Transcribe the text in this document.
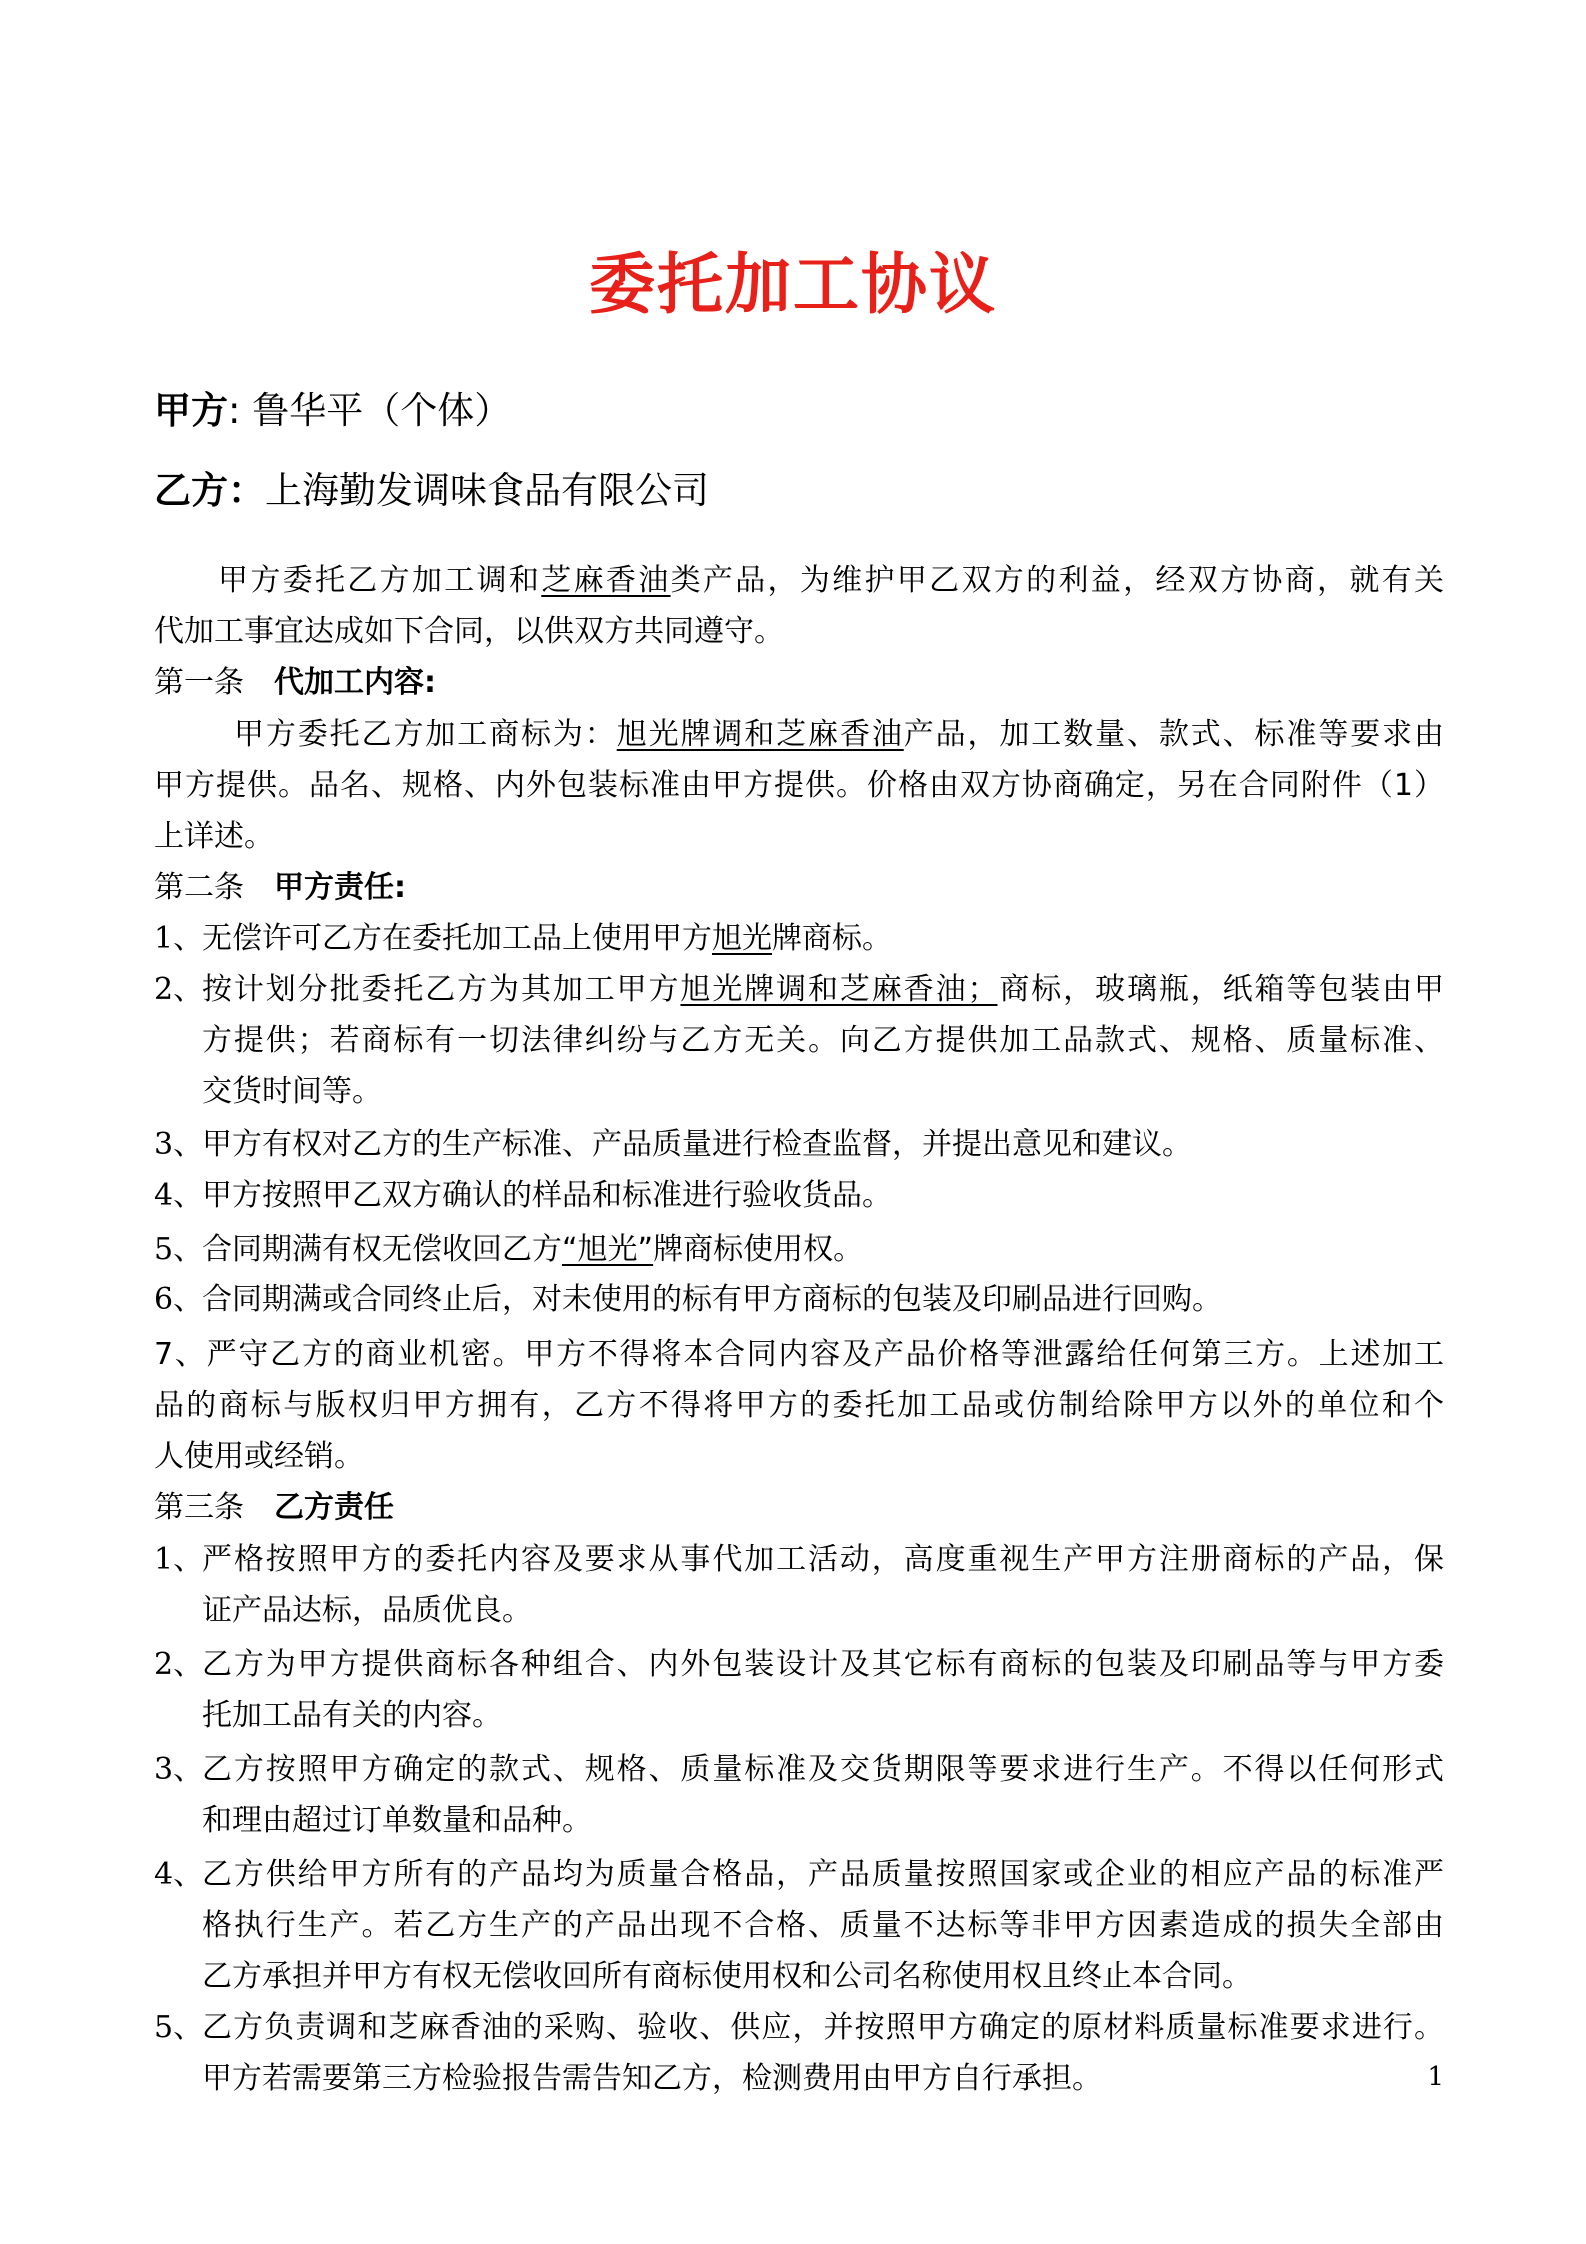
委托加工协议

甲方: 鲁华平（个体）

乙方：上海勤发调味食品有限公司

甲方委托乙方加工调和芝麻香油类产品，为维护甲乙双方的利益，经双方协商，就有关

代加工事宜达成如下合同，以供双方共同遵守。

第一条 代加工内容:

甲方委托乙方加工商标为：旭光牌调和芝麻香油产品，加工数量、款式、标准等要求由

甲方提供。品名、规格、内外包装标准由甲方提供。价格由双方协商确定，另在合同附件（1）

上详述。

第二条 甲方责任:

1、
无偿许可乙方在委托加工品上使用甲方旭光牌商标。
2、
按计划分批委托乙方为其加工甲方旭光牌调和芝麻香油；商标，玻璃瓶，纸箱等包装由甲

方提供；若商标有一切法律纠纷与乙方无关。向乙方提供加工品款式、规格、质量标准、

交货时间等。

3、
甲方有权对乙方的生产标准、产品质量进行检查监督，并提出意见和建议。
4、
甲方按照甲乙双方确认的样品和标准进行验收货品。
5、
合同期满有权无偿收回乙方“旭光”牌商标使用权。
6、
合同期满或合同终止后，对未使用的标有甲方商标的包装及印刷品进行回购。

7、严守乙方的商业机密。甲方不得将本合同内容及产品价格等泄露给任何第三方。上述加工

品的商标与版权归甲方拥有，乙方不得将甲方的委托加工品或仿制给除甲方以外的单位和个

人使用或经销。

第三条 乙方责任

1、
严格按照甲方的委托内容及要求从事代加工活动，高度重视生产甲方注册商标的产品，保

证产品达标，品质优良。

2、
乙方为甲方提供商标各种组合、内外包装设计及其它标有商标的包装及印刷品等与甲方委

托加工品有关的内容。

3、
乙方按照甲方确定的款式、规格、质量标准及交货期限等要求进行生产。不得以任何形式

和理由超过订单数量和品种。

4、
乙方供给甲方所有的产品均为质量合格品，产品质量按照国家或企业的相应产品的标准严

格执行生产。若乙方生产的产品出现不合格、质量不达标等非甲方因素造成的损失全部由

乙方承担并甲方有权无偿收回所有商标使用权和公司名称使用权且终止本合同。

5、
乙方负责调和芝麻香油的采购、验收、供应，并按照甲方确定的原材料质量标准要求进行。

甲方若需要第三方检验报告需告知乙方，检测费用由甲方自行承担。	1
